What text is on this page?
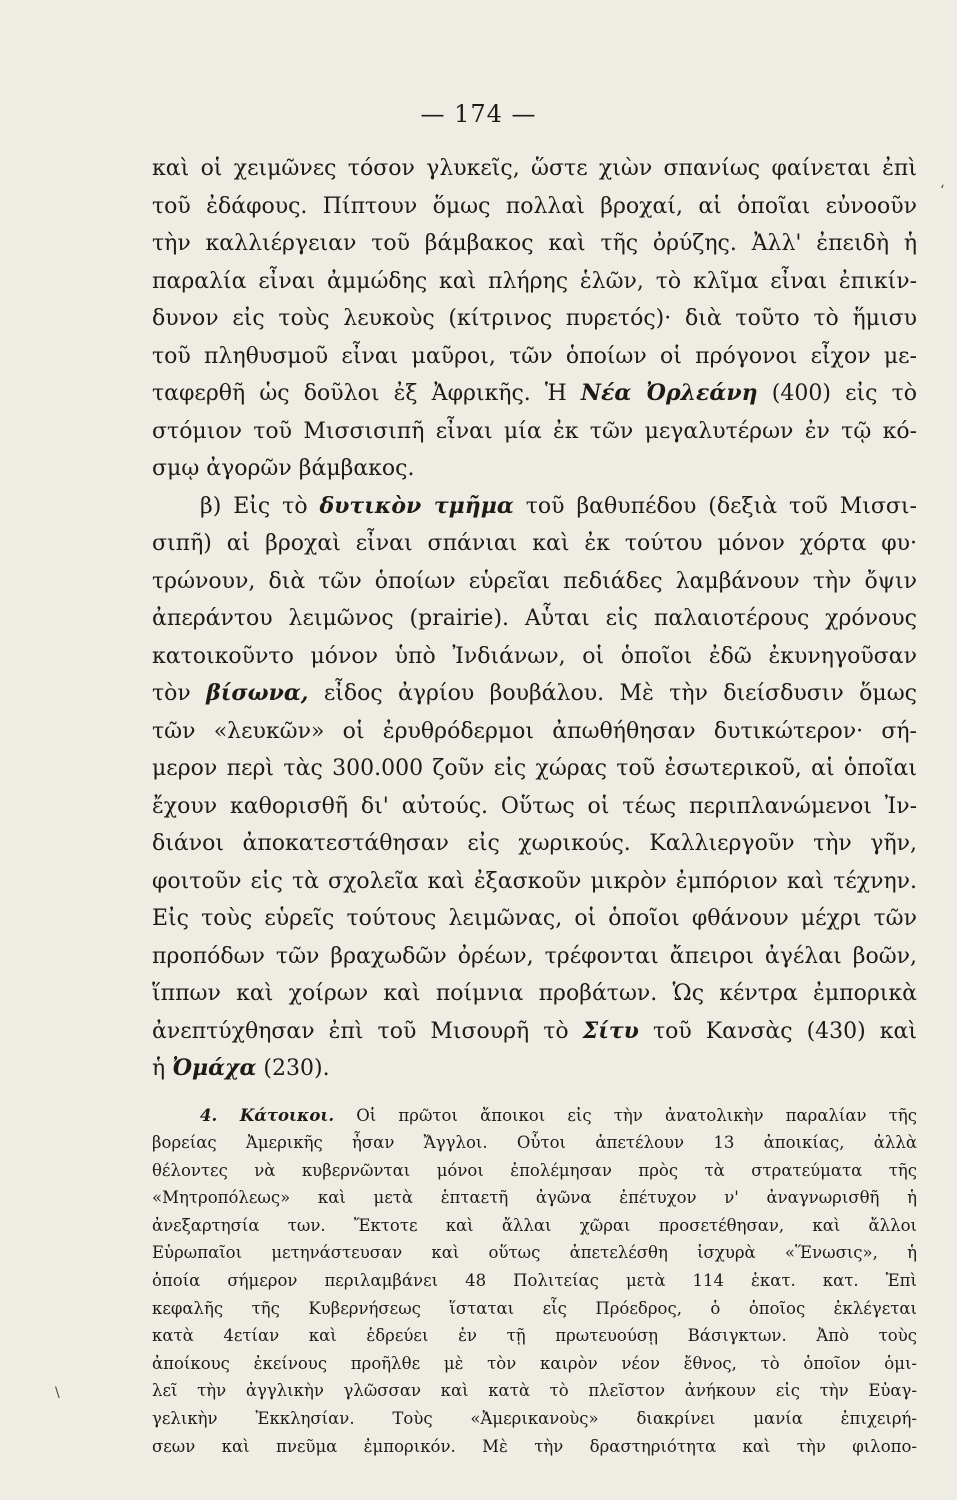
— 174 —
καὶ οἱ χειμῶνες τόσον γλυκεῖς, ὥστε χιὼν σπανίως φαίνεται ἐπὶ
τοῦ ἐδάφους. Πίπτουν ὅμως πολλαὶ βροχαί, αἱ ὁποῖαι εὐνοοῦν
τὴν καλλιέργειαν τοῦ βάμβακος καὶ τῆς ὀρύζης. Ἀλλ' ἐπειδὴ ἡ
παραλία εἶναι ἀμμώδης καὶ πλήρης ἑλῶν, τὸ κλῖμα εἶναι ἐπικίν-
δυνον εἰς τοὺς λευκοὺς (κίτρινος πυρετός)· διὰ τοῦτο τὸ ἥμισυ
τοῦ πληθυσμοῦ εἶναι μαῦροι, τῶν ὁποίων οἱ πρόγονοι εἶχον με-
ταφερθῆ ὡς δοῦλοι ἐξ Ἀφρικῆς. Ἡ Νέα Ὀρλεάνη (400) εἰς τὸ
στόμιον τοῦ Μισσισιπῆ εἶναι μία ἐκ τῶν μεγαλυτέρων ἐν τῷ κό-
σμῳ ἀγορῶν βάμβακος.
β) Εἰς τὸ δυτικὸν τμῆμα τοῦ βαθυπέδου (δεξιὰ τοῦ Μισσι-
σιπῆ) αἱ βροχαὶ εἶναι σπάνιαι καὶ ἐκ τούτου μόνον χόρτα φυ·
τρώνουν, διὰ τῶν ὁποίων εὑρεῖαι πεδιάδες λαμβάνουν τὴν ὄψιν
ἀπεράντου λειμῶνος (prairie). Αὗται εἰς παλαιοτέρους χρόνους
κατοικοῦντο μόνον ὑπὸ Ἰνδιάνων, οἱ ὁποῖοι ἐδῶ ἐκυνηγοῦσαν
τὸν βίσωνα, εἶδος ἀγρίου βουβάλου. Μὲ τὴν διείσδυσιν ὅμως
τῶν «λευκῶν» οἱ ἐρυθρόδερμοι ἀπωθήθησαν δυτικώτερον· σή-
μερον περὶ τὰς 300.000 ζοῦν εἰς χώρας τοῦ ἐσωτερικοῦ, αἱ ὁποῖαι
ἔχουν καθορισθῆ δι' αὐτούς. Οὕτως οἱ τέως περιπλανώμενοι Ἰν-
διάνοι ἀποκατεστάθησαν εἰς χωρικούς. Καλλιεργοῦν τὴν γῆν,
φοιτοῦν εἰς τὰ σχολεῖα καὶ ἐξασκοῦν μικρὸν ἐμπόριον καὶ τέχνην.
Εἰς τοὺς εὑρεῖς τούτους λειμῶνας, οἱ ὁποῖοι φθάνουν μέχρι τῶν
προπόδων τῶν βραχωδῶν ὀρέων, τρέφονται ἄπειροι ἀγέλαι βοῶν,
ἵππων καὶ χοίρων καὶ ποίμνια προβάτων. Ὡς κέντρα ἐμπορικὰ
ἀνεπτύχθησαν ἐπὶ τοῦ Μισουρῆ τὸ Σίτυ τοῦ Κανσὰς (430) καὶ
ἡ Ὀμάχα (230).
4. Κάτοικοι. Οἱ πρῶτοι ἄποικοι εἰς τὴν ἀνατολικὴν παραλίαν τῆς
βορείας Ἀμερικῆς ἦσαν Ἄγγλοι. Οὗτοι ἀπετέλουν 13 ἀποικίας, ἀλλὰ
θέλοντες νὰ κυβερνῶνται μόνοι ἐπολέμησαν πρὸς τὰ στρατεύματα τῆς
«Μητροπόλεως» καὶ μετὰ ἑπταετῆ ἀγῶνα ἐπέτυχον ν' ἀναγνωρισθῆ ἡ
ἀνεξαρτησία των. Ἔκτοτε καὶ ἄλλαι χῶραι προσετέθησαν, καὶ ἄλλοι
Εὐρωπαῖοι μετηνάστευσαν καὶ οὕτως ἀπετελέσθη ἰσχυρὰ «Ἕνωσις», ἡ
ὁποία σήμερον περιλαμβάνει 48 Πολιτείας μετὰ 114 ἑκατ. κατ. Ἐπὶ
κεφαλῆς τῆς Κυβερνήσεως ἵσταται εἷς Πρόεδρος, ὁ ὁποῖος ἐκλέγεται
κατὰ 4ετίαν καὶ ἑδρεύει ἐν τῇ πρωτευούσῃ Βάσιγκτων. Ἀπὸ τοὺς
ἀποίκους ἐκείνους προῆλθε μὲ τὸν καιρὸν νέον ἔθνος, τὸ ὁποῖον ὁμι-
λεῖ τὴν ἀγγλικὴν γλῶσσαν καὶ κατὰ τὸ πλεῖστον ἀνήκουν εἰς τὴν Εὐαγ-
γελικὴν Ἐκκλησίαν. Τοὺς «Ἀμερικανοὺς» διακρίνει μανία ἐπιχειρή-
σεων καὶ πνεῦμα ἐμπορικόν. Μὲ τὴν δραστηριότητα καὶ τὴν φιλοπο-
ʻ
\
